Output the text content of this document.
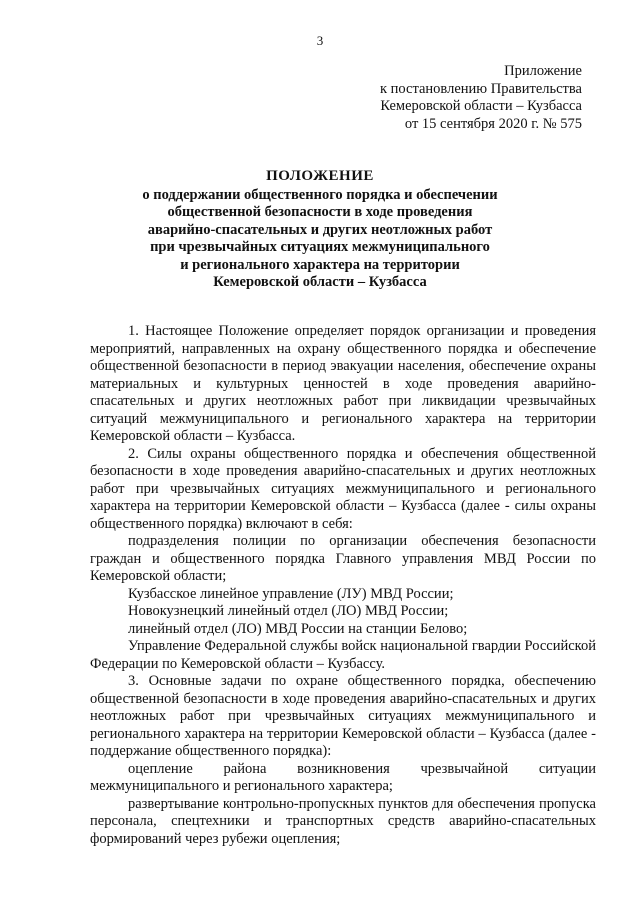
3
Приложение
к постановлению Правительства
Кемеровской области – Кузбасса
от 15 сентября 2020 г. № 575
ПОЛОЖЕНИЕ
о поддержании общественного порядка и обеспечении
общественной безопасности в ходе проведения
аварийно-спасательных и других неотложных работ
при чрезвычайных ситуациях межмуниципального
и регионального характера на территории
Кемеровской области – Кузбасса

1. Настоящее Положение определяет порядок организации и проведения мероприятий, направленных на охрану общественного порядка и обеспечение общественной безопасности в период эвакуации населения, обеспечение охраны материальных и культурных ценностей в ходе проведения аварийно-спасательных и других неотложных работ при ликвидации чрезвычайных ситуаций межмуниципального и регионального характера на территории Кемеровской области – Кузбасса.

2. Силы охраны общественного порядка и обеспечения общественной безопасности в ходе проведения аварийно-спасательных и других неотложных работ при чрезвычайных ситуациях межмуниципального и регионального характера на территории Кемеровской области – Кузбасса (далее - силы охраны общественного порядка) включают в себя:

подразделения полиции по организации обеспечения безопасности граждан и общественного порядка Главного управления МВД России по Кемеровской области;

Кузбасское линейное управление (ЛУ) МВД России;

Новокузнецкий линейный отдел (ЛО) МВД России;

линейный отдел (ЛО) МВД России на станции Белово;

Управление Федеральной службы войск национальной гвардии Российской Федерации по Кемеровской области – Кузбассу.

3. Основные задачи по охране общественного порядка, обеспечению общественной безопасности в ходе проведения аварийно-спасательных и других неотложных работ при чрезвычайных ситуациях межмуниципального и регионального характера на территории Кемеровской области – Кузбасса (далее - поддержание общественного порядка):

оцепление района возникновения чрезвычайной ситуации межмуниципального и регионального характера;

развертывание контрольно-пропускных пунктов для обеспечения пропуска персонала, спецтехники и транспортных средств аварийно-спасательных формирований через рубежи оцепления;
